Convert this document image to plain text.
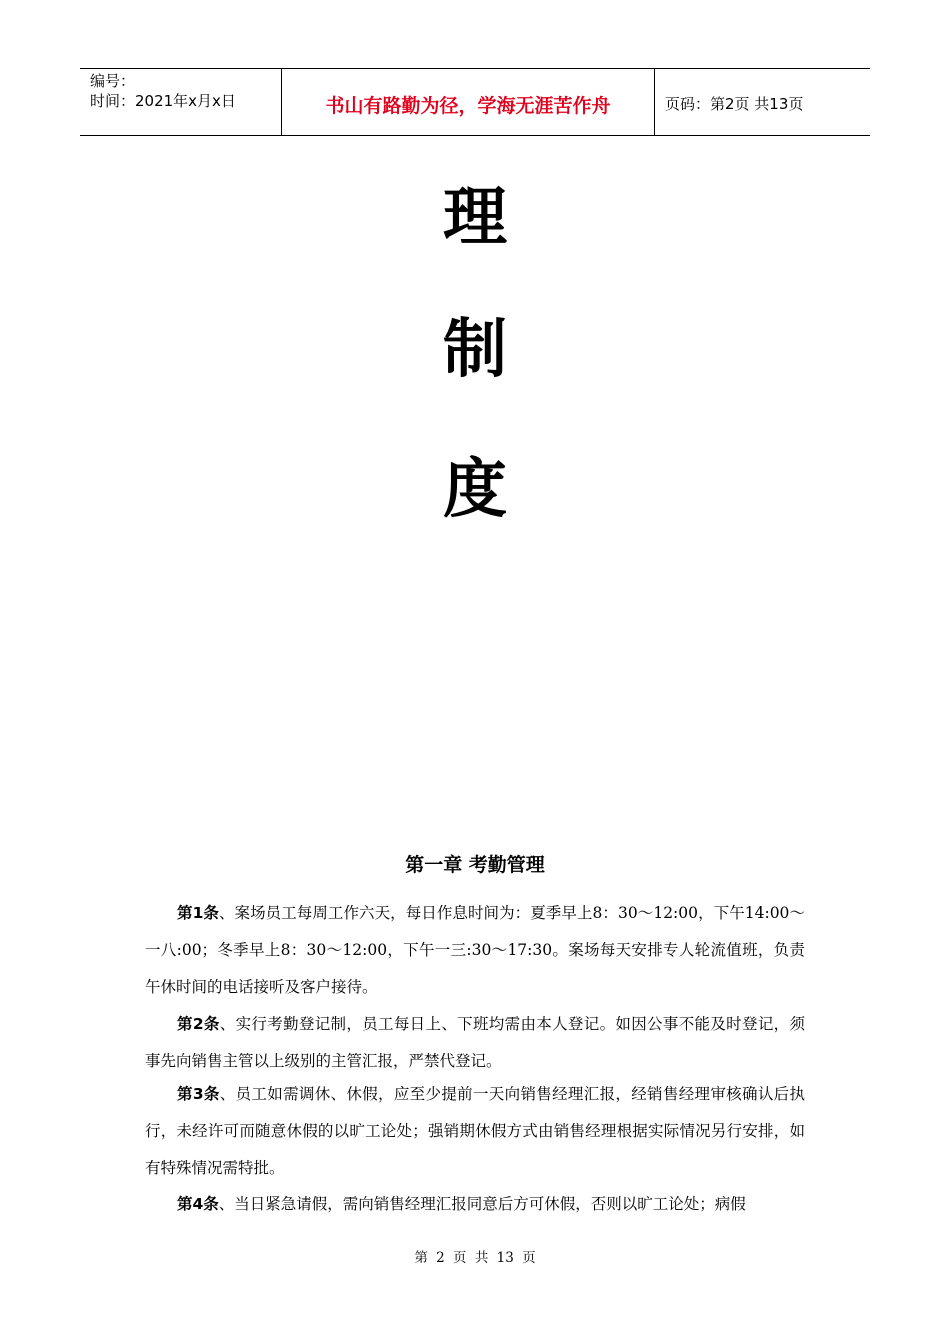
编号：
时间：2021年x月x日	书山有路勤为径，学海无涯苦作舟	页码：第2页 共13页
理
制
度
第一章 考勤管理
第1条、案场员工每周工作六天，每日作息时间为：夏季早上8：30～12:00，下午14:00～一八:00；冬季早上8：30～12:00，下午一三:30～17:30。案场每天安排专人轮流值班，负责午休时间的电话接听及客户接待。
第2条、实行考勤登记制，员工每日上、下班均需由本人登记。如因公事不能及时登记，须事先向销售主管以上级别的主管汇报，严禁代登记。
第3条、员工如需调休、休假，应至少提前一天向销售经理汇报，经销售经理审核确认后执行，未经许可而随意休假的以旷工论处；强销期休假方式由销售经理根据实际情况另行安排，如有特殊情况需特批。
第4条、当日紧急请假，需向销售经理汇报同意后方可休假，否则以旷工论处；病假
第 2 页 共 13 页
